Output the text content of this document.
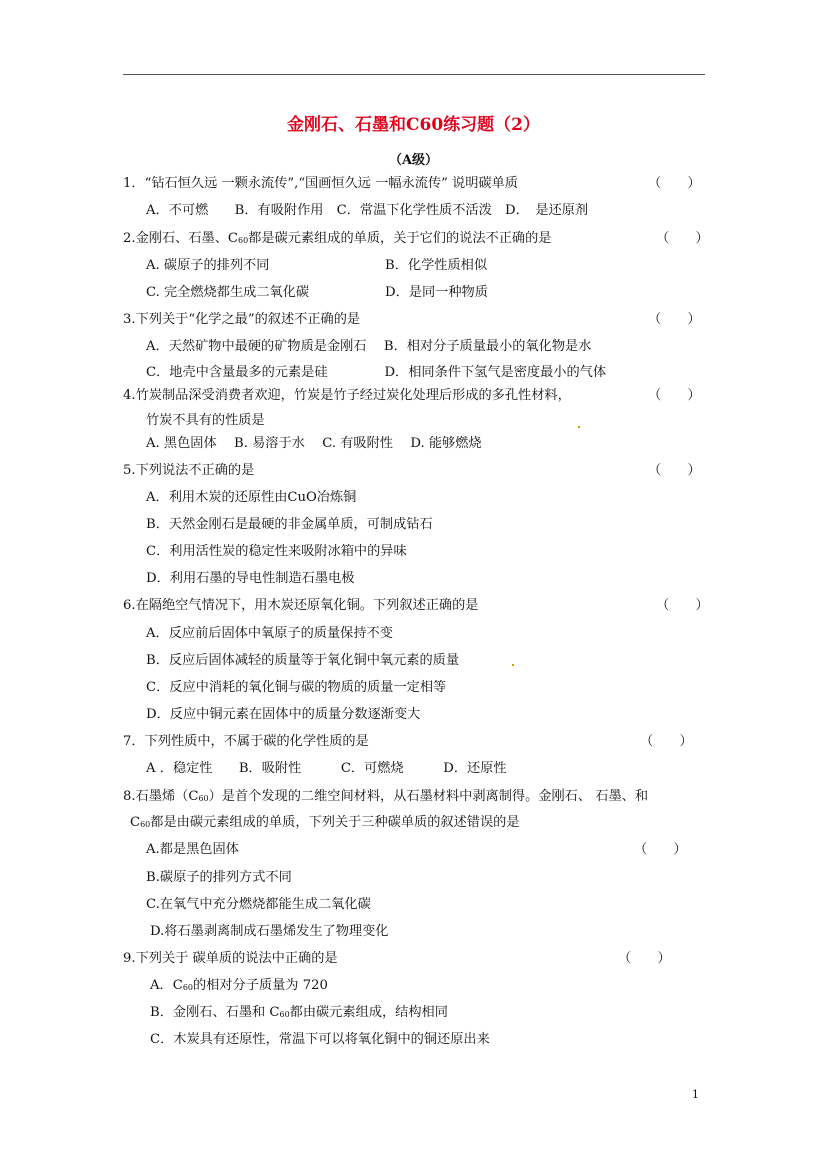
金刚石、石墨和C60练习题（2）
（A级）
1．“钻石恒久远 一颗永流传”,“国画恒久远 一幅永流传” 说明碳单质	（　　）
A．不可燃　　B．有吸附作用　C．常温下化学性质不活泼　D．　是还原剂
2.金刚石、石墨、$C_{60}$都是碳元素组成的单质，关于它们的说法不正确的是	（　　）
A. 碳原子的排列不同	B．化学性质相似
C. 完全燃烧都生成二氧化碳	D．是同一种物质
3.下列关于“化学之最”的叙述不正确的是	（　　）
A．天然矿物中最硬的矿物质是金刚石　 B．相对分子质量最小的氧化物是水
C．地壳中含量最多的元素是硅　　　　 D．相同条件下氢气是密度最小的气体
4.竹炭制品深受消费者欢迎，竹炭是竹子经过炭化处理后形成的多孔性材料，	（　　）
竹炭不具有的性质是
A. 黑色固体　 B. 易溶于水　 C. 有吸附性　 D. 能够燃烧
5.下列说法不正确的是	（　　）
A．利用木炭的还原性由CuO冶炼铜
B．天然金刚石是最硬的非金属单质，可制成钻石
C．利用活性炭的稳定性来吸附冰箱中的异味
D．利用石墨的导电性制造石墨电极
6.在隔绝空气情况下，用木炭还原氧化铜。下列叙述正确的是	（　　）
A．反应前后固体中氧原子的质量保持不变
B．反应后固体减轻的质量等于氧化铜中氧元素的质量
C．反应中消耗的氧化铜与碳的物质的质量一定相等
D．反应中铜元素在固体中的质量分数逐渐变大
7．下列性质中，不属于碳的化学性质的是	（　　）
A ．稳定性　　B．吸附性　　　C．可燃烧　　　D．还原性
8.石墨烯$(C_{60})$是首个发现的二维空间材料，从石墨材料中剥离制得。金刚石、 石墨、和
$C_{60}$都是由碳元素组成的单质，下列关于三种碳单质的叙述错误的是
（　　）
A.都是黑色固体
B.碳原子的排列方式不同
C.在氧气中充分燃烧都能生成二氧化碳
D.将石墨剥离制成石墨烯发生了物理变化
9.下列关于 碳单质的说法中正确的是	（　　）
A．$C_{60}$的相对分子质量为 720
B．金刚石、石墨和 $C_{60}$都由碳元素组成，结构相同
C．木炭具有还原性，常温下可以将氧化铜中的铜还原出来
1
